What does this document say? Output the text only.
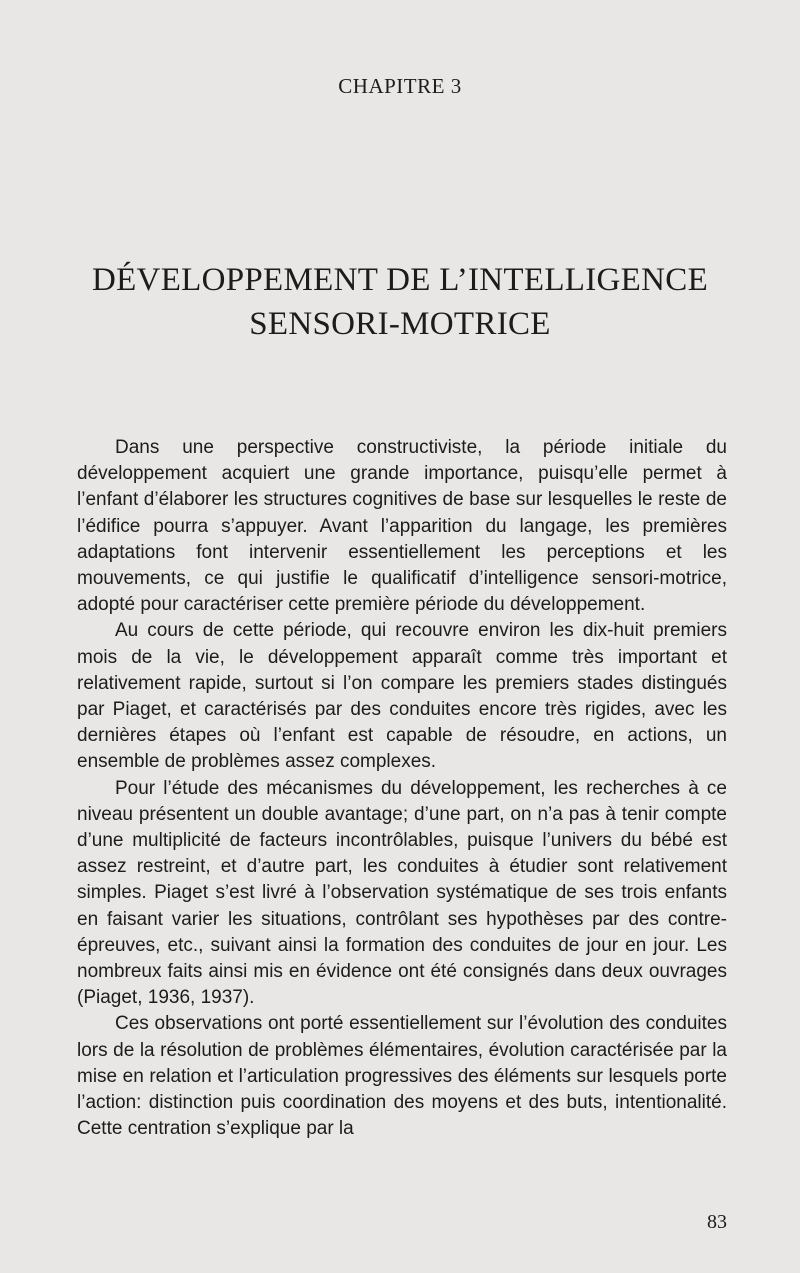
CHAPITRE 3
DÉVELOPPEMENT DE L’INTELLIGENCE
SENSORI-MOTRICE

Dans une perspective constructiviste, la période initiale du développement acquiert une grande importance, puisqu’elle permet à l’enfant d’élaborer les structures cognitives de base sur lesquelles le reste de l’édifice pourra s’appuyer. Avant l’apparition du langage, les premières adaptations font intervenir essentiellement les perceptions et les mouvements, ce qui justifie le qualificatif d’intelligence sensori-motrice, adopté pour caractériser cette première période du développement.

Au cours de cette période, qui recouvre environ les dix-huit premiers mois de la vie, le développement apparaît comme très important et relativement rapide, surtout si l’on compare les premiers stades distingués par Piaget, et caractérisés par des conduites encore très rigides, avec les dernières étapes où l’enfant est capable de résoudre, en actions, un ensemble de problèmes assez complexes.

Pour l’étude des mécanismes du développement, les recherches à ce niveau présentent un double avantage; d’une part, on n’a pas à tenir compte d’une multiplicité de facteurs incontrôlables, puisque l’univers du bébé est assez restreint, et d’autre part, les conduites à étudier sont relativement simples. Piaget s’est livré à l’observation systématique de ses trois enfants en faisant varier les situations, contrôlant ses hypothèses par des contre-épreuves, etc., suivant ainsi la formation des conduites de jour en jour. Les nombreux faits ainsi mis en évidence ont été consignés dans deux ouvrages (Piaget, 1936, 1937).

Ces observations ont porté essentiellement sur l’évolution des conduites lors de la résolution de problèmes élémentaires, évolution caractérisée par la mise en relation et l’articulation progressives des éléments sur lesquels porte l’action: distinction puis coordination des moyens et des buts, intentionalité. Cette centration s’explique par la

83
